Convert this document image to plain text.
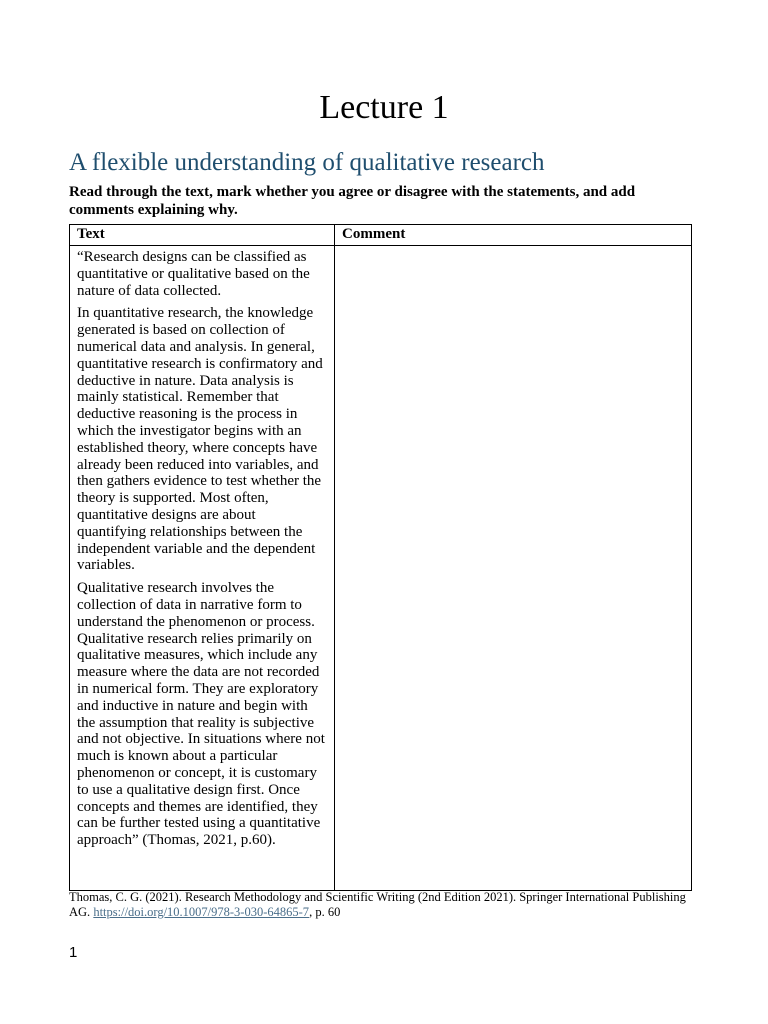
Lecture 1
A flexible understanding of qualitative research

Read through the text, mark whether you agree or disagree with the statements, and add comments explaining why.

Text	Comment

“Research designs can be classified as quantitative or qualitative based on the nature of data collected.

In quantitative research, the knowledge generated is based on collection of numerical data and analysis. In general, quantitative research is confirmatory and deductive in nature. Data analysis is mainly statistical. Remember that deductive reasoning is the process in which the investigator begins with an established theory, where concepts have already been reduced into variables, and then gathers evidence to test whether the theory is supported. Most often, quantitative designs are about quantifying relationships between the independent variable and the dependent variables.

Qualitative research involves the collection of data in narrative form to understand the phenomenon or process. Qualitative research relies primarily on qualitative measures, which include any measure where the data are not recorded in numerical form. They are exploratory and inductive in nature and begin with the assumption that reality is subjective and not objective. In situations where not much is known about a particular phenomenon or concept, it is customary to use a qualitative design first. Once concepts and themes are identified, they can be further tested using a quantitative approach” (Thomas, 2021, p.60).	

Thomas, C. G. (2021). Research Methodology and Scientific Writing (2nd Edition 2021). Springer International Publishing AG. https://doi.org/10.1007/978-3-030-64865-7, p. 60

1
